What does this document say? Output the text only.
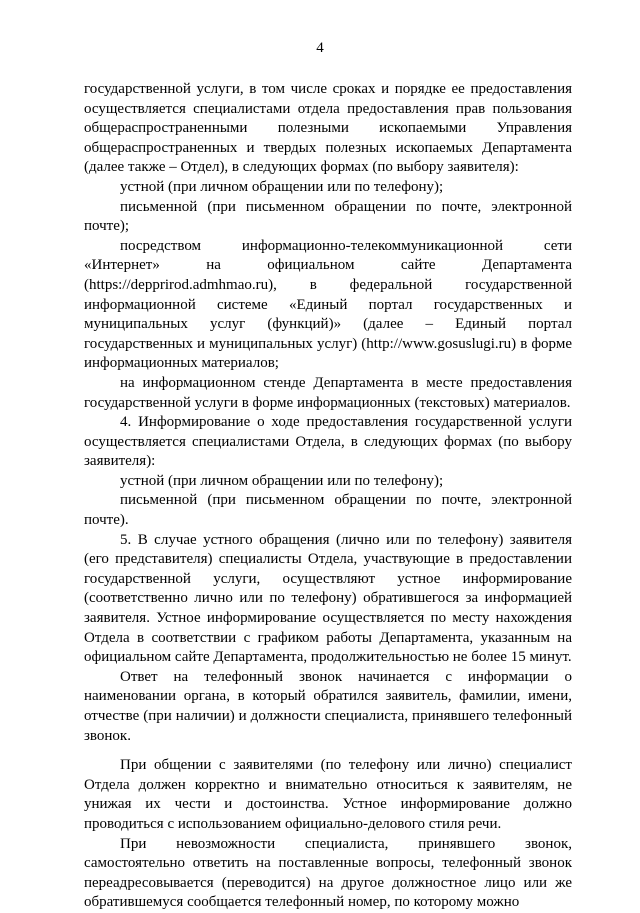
4

государственной услуги, в том числе сроках и порядке ее предоставления осуществляется специалистами отдела предоставления прав пользования общераспространенными полезными ископаемыми Управления общераспространенных и твердых полезных ископаемых Департамента (далее также – Отдел), в следующих формах (по выбору заявителя):

устной (при личном обращении или по телефону);

письменной (при письменном обращении по почте, электронной почте);

посредством информационно-телекоммуникационной сети «Интернет» на официальном сайте Департамента (https://depprirod.admhmao.ru), в федеральной государственной информационной системе «Единый портал государственных и муниципальных услуг (функций)» (далее – Единый портал государственных и муниципальных услуг) (http://www.gosuslugi.ru) в форме информационных материалов;

на информационном стенде Департамента в месте предоставления государственной услуги в форме информационных (текстовых) материалов.

4. Информирование о ходе предоставления государственной услуги осуществляется специалистами Отдела, в следующих формах (по выбору заявителя):

устной (при личном обращении или по телефону);

письменной (при письменном обращении по почте, электронной почте).

5. В случае устного обращения (лично или по телефону) заявителя (его представителя) специалисты Отдела, участвующие в предоставлении государственной услуги, осуществляют устное информирование (соответственно лично или по телефону) обратившегося за информацией заявителя. Устное информирование осуществляется по месту нахождения Отдела в соответствии с графиком работы Департамента, указанным на официальном сайте Департамента, продолжительностью не более 15 минут.

Ответ на телефонный звонок начинается с информации о наименовании органа, в который обратился заявитель, фамилии, имени, отчестве (при наличии) и должности специалиста, принявшего телефонный звонок.

При общении с заявителями (по телефону или лично) специалист Отдела должен корректно и внимательно относиться к заявителям, не унижая их чести и достоинства. Устное информирование должно проводиться с использованием официально-делового стиля речи.

При невозможности специалиста, принявшего звонок, самостоятельно ответить на поставленные вопросы, телефонный звонок переадресовывается (переводится) на другое должностное лицо или же обратившемуся сообщается телефонный номер, по которому можно
